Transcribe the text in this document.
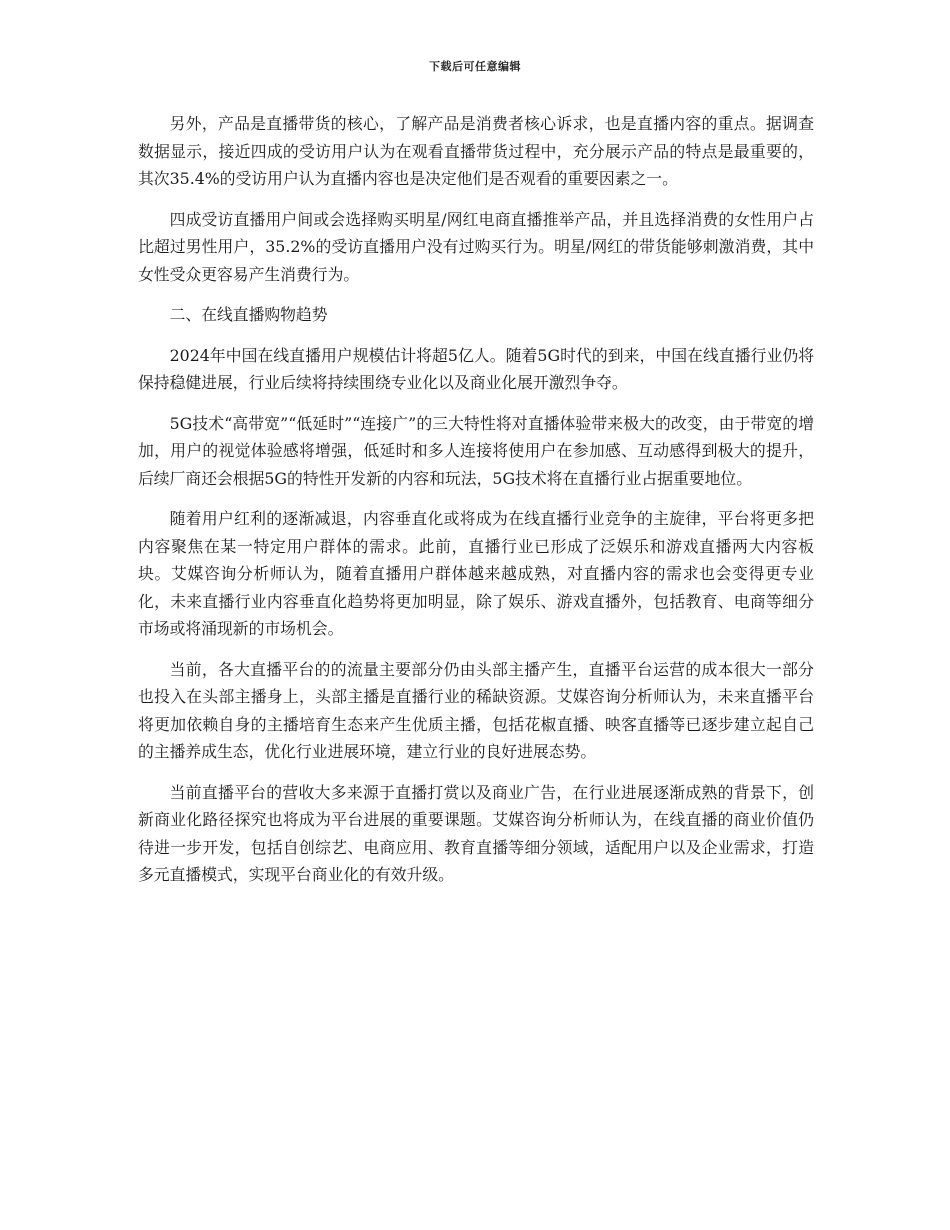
下载后可任意编辑

另外，产品是直播带货的核心，了解产品是消费者核心诉求，也是直播内容的重点。据调查数据显示，接近四成的受访用户认为在观看直播带货过程中，充分展示产品的特点是最重要的，其次35.4%的受访用户认为直播内容也是决定他们是否观看的重要因素之一。

四成受访直播用户间或会选择购买明星/网红电商直播推举产品，并且选择消费的女性用户占比超过男性用户，35.2%的受访直播用户没有过购买行为。明星/网红的带货能够刺激消费，其中女性受众更容易产生消费行为。

二、在线直播购物趋势

2024年中国在线直播用户规模估计将超5亿人。随着5G时代的到来，中国在线直播行业仍将保持稳健进展，行业后续将持续围绕专业化以及商业化展开激烈争夺。

5G技术“高带宽”“低延时”“连接广”的三大特性将对直播体验带来极大的改变，由于带宽的增加，用户的视觉体验感将增强，低延时和多人连接将使用户在参加感、互动感得到极大的提升，后续厂商还会根据5G的特性开发新的内容和玩法，5G技术将在直播行业占据重要地位。

随着用户红利的逐渐减退，内容垂直化或将成为在线直播行业竞争的主旋律，平台将更多把内容聚焦在某一特定用户群体的需求。此前，直播行业已形成了泛娱乐和游戏直播两大内容板块。艾媒咨询分析师认为，随着直播用户群体越来越成熟，对直播内容的需求也会变得更专业化，未来直播行业内容垂直化趋势将更加明显，除了娱乐、游戏直播外，包括教育、电商等细分市场或将涌现新的市场机会。

当前，各大直播平台的的流量主要部分仍由头部主播产生，直播平台运营的成本很大一部分也投入在头部主播身上，头部主播是直播行业的稀缺资源。艾媒咨询分析师认为，未来直播平台将更加依赖自身的主播培育生态来产生优质主播，包括花椒直播、映客直播等已逐步建立起自己的主播养成生态，优化行业进展环境，建立行业的良好进展态势。

当前直播平台的营收大多来源于直播打赏以及商业广告，在行业进展逐渐成熟的背景下，创新商业化路径探究也将成为平台进展的重要课题。艾媒咨询分析师认为，在线直播的商业价值仍待进一步开发，包括自创综艺、电商应用、教育直播等细分领域，适配用户以及企业需求，打造多元直播模式，实现平台商业化的有效升级。
